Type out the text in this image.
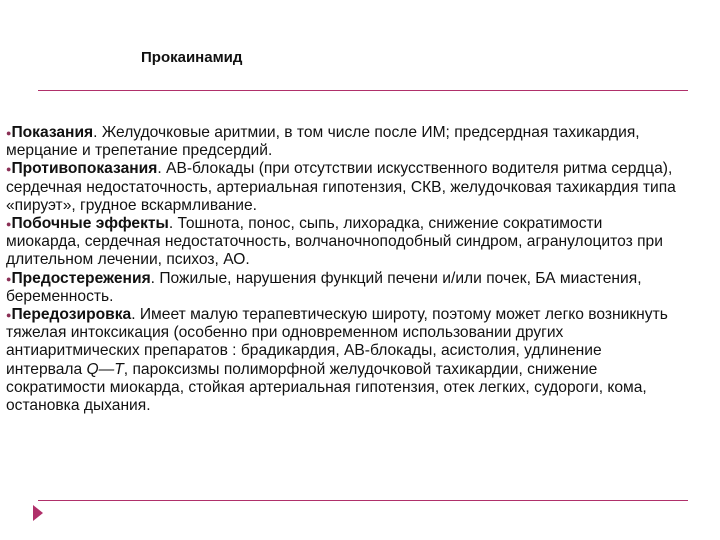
Прокаинамид

●Показания. Желудочковые аритмии, в том числе после ИМ; предсердная тахикардия, мерцание и трепетание предсердий.

●Противопоказания. АВ-блокады (при отсутствии искусственного водителя ритма сердца), сердечная недостаточность, артериальная гипотензия, СКВ, желудочковая тахикардия типа «пируэт», грудное вскармливание.

●Побочные эффекты. Тошнота, понос, сыпь, лихорадка, снижение сократимости миокарда, сердечная недостаточность, волчаночноподобный синдром, агранулоцитоз при длительном лечении, психоз, АО.

●Предостережения. Пожилые, нарушения функций печени и/или почек, БА миастения, беременность.

●Передозировка. Имеет малую терапевтическую широту, поэтому может легко возникнуть тяжелая интоксикация (особенно при одновременном использовании других антиаритмических препаратов : брадикардия, АВ-блокады, асистолия, удлинение интервала Q—T, пароксизмы полиморфной желудочковой тахикардии, снижение сократимости миокарда, стойкая артериальная гипотензия, отек легких, судороги, кома, остановка дыхания.
